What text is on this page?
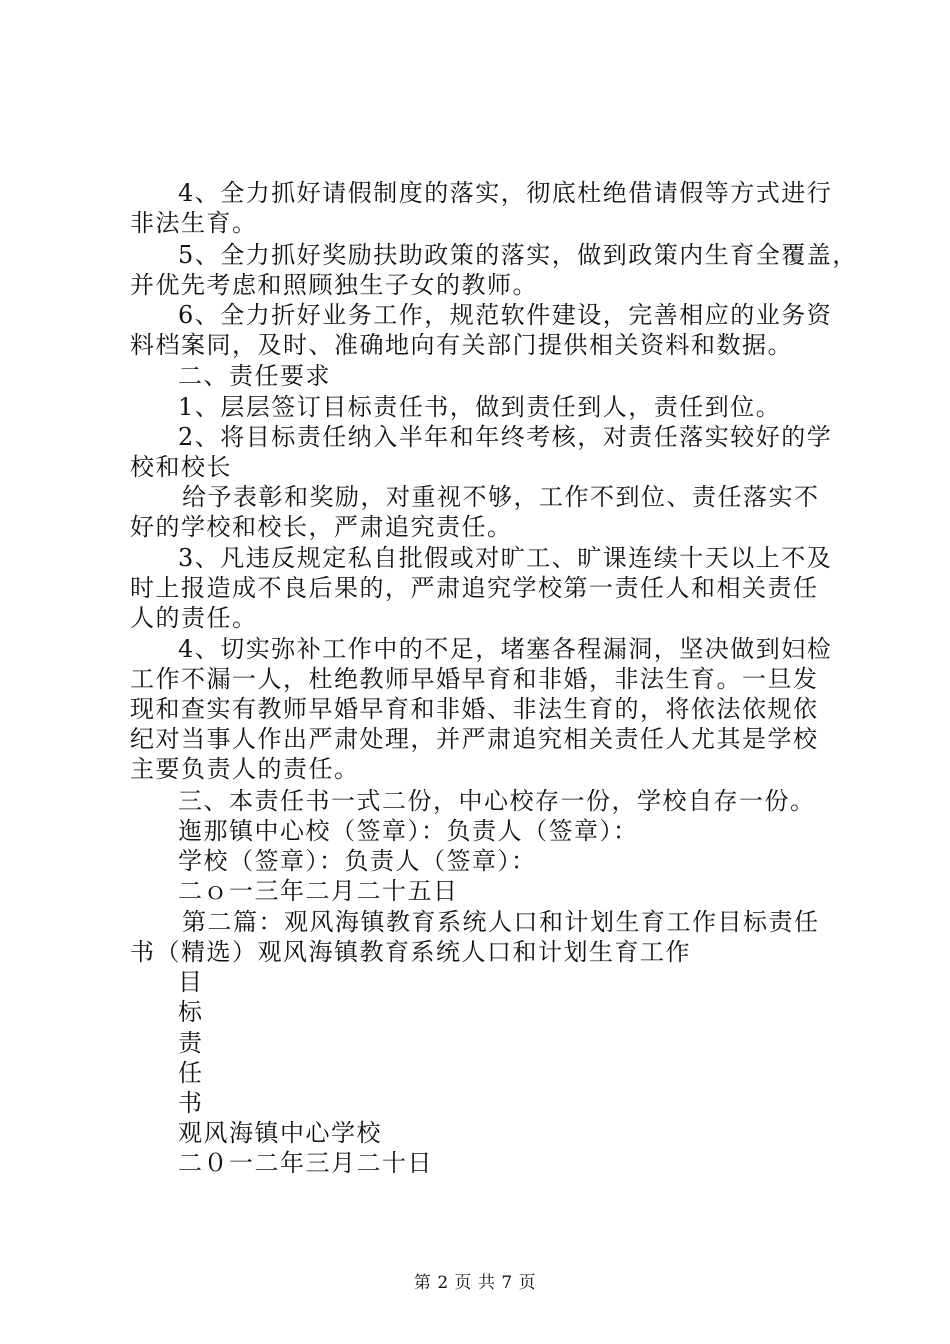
4、全力抓好请假制度的落实，彻底杜绝借请假等方式进行
非法生育。
5、全力抓好奖励扶助政策的落实，做到政策内生育全覆盖，
并优先考虑和照顾独生子女的教师。
6、全力折好业务工作，规范软件建设，完善相应的业务资
料档案同，及时、准确地向有关部门提供相关资料和数据。
二、责任要求
1、层层签订目标责任书，做到责任到人，责任到位。
2、将目标责任纳入半年和年终考核，对责任落实较好的学
校和校长
给予表彰和奖励，对重视不够，工作不到位、责任落实不
好的学校和校长，严肃追究责任。
3、凡违反规定私自批假或对旷工、旷课连续十天以上不及
时上报造成不良后果的，严肃追究学校第一责任人和相关责任
人的责任。
4、切实弥补工作中的不足，堵塞各程漏洞，坚决做到妇检
工作不漏一人，杜绝教师早婚早育和非婚，非法生育。一旦发
现和查实有教师早婚早育和非婚、非法生育的，将依法依规依
纪对当事人作出严肃处理，并严肃追究相关责任人尤其是学校
主要负责人的责任。
三、本责任书一式二份，中心校存一份，学校自存一份。
迤那镇中心校（签章）：负责人（签章）：
学校（签章）：负责人（签章）：
二ｏ一三年二月二十五日
第二篇：观风海镇教育系统人口和计划生育工作目标责任
书（精选）观风海镇教育系统人口和计划生育工作
目
标
责
任
书
观风海镇中心学校
二０一二年三月二十日
第 2 页 共 7 页
